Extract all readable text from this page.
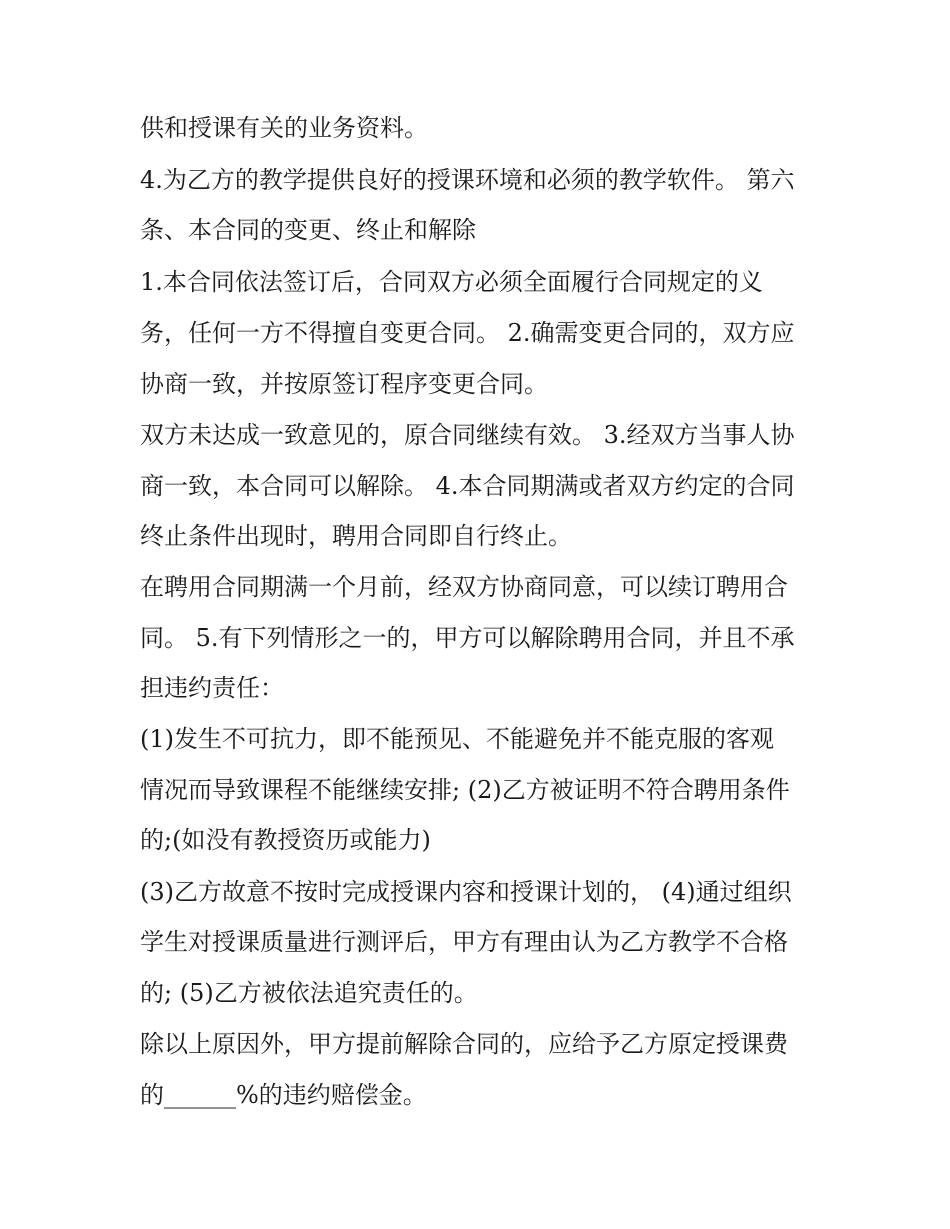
供和授课有关的业务资料。
4.为乙方的教学提供良好的授课环境和必须的教学软件。 第六
条、本合同的变更、终止和解除
1.本合同依法签订后，合同双方必须全面履行合同规定的义
务，任何一方不得擅自变更合同。 2.确需变更合同的，双方应
协商一致，并按原签订程序变更合同。
双方未达成一致意见的，原合同继续有效。 3.经双方当事人协
商一致，本合同可以解除。 4.本合同期满或者双方约定的合同
终止条件出现时，聘用合同即自行终止。
在聘用合同期满一个月前，经双方协商同意，可以续订聘用合
同。 5.有下列情形之一的，甲方可以解除聘用合同，并且不承
担违约责任：
(1)发生不可抗力，即不能预见、不能避免并不能克服的客观
情况而导致课程不能继续安排; (2)乙方被证明不符合聘用条件
的;(如没有教授资历或能力)
(3)乙方故意不按时完成授课内容和授课计划的， (4)通过组织
学生对授课质量进行测评后，甲方有理由认为乙方教学不合格
的; (5)乙方被依法追究责任的。
除以上原因外，甲方提前解除合同的，应给予乙方原定授课费
的______%的违约赔偿金。
